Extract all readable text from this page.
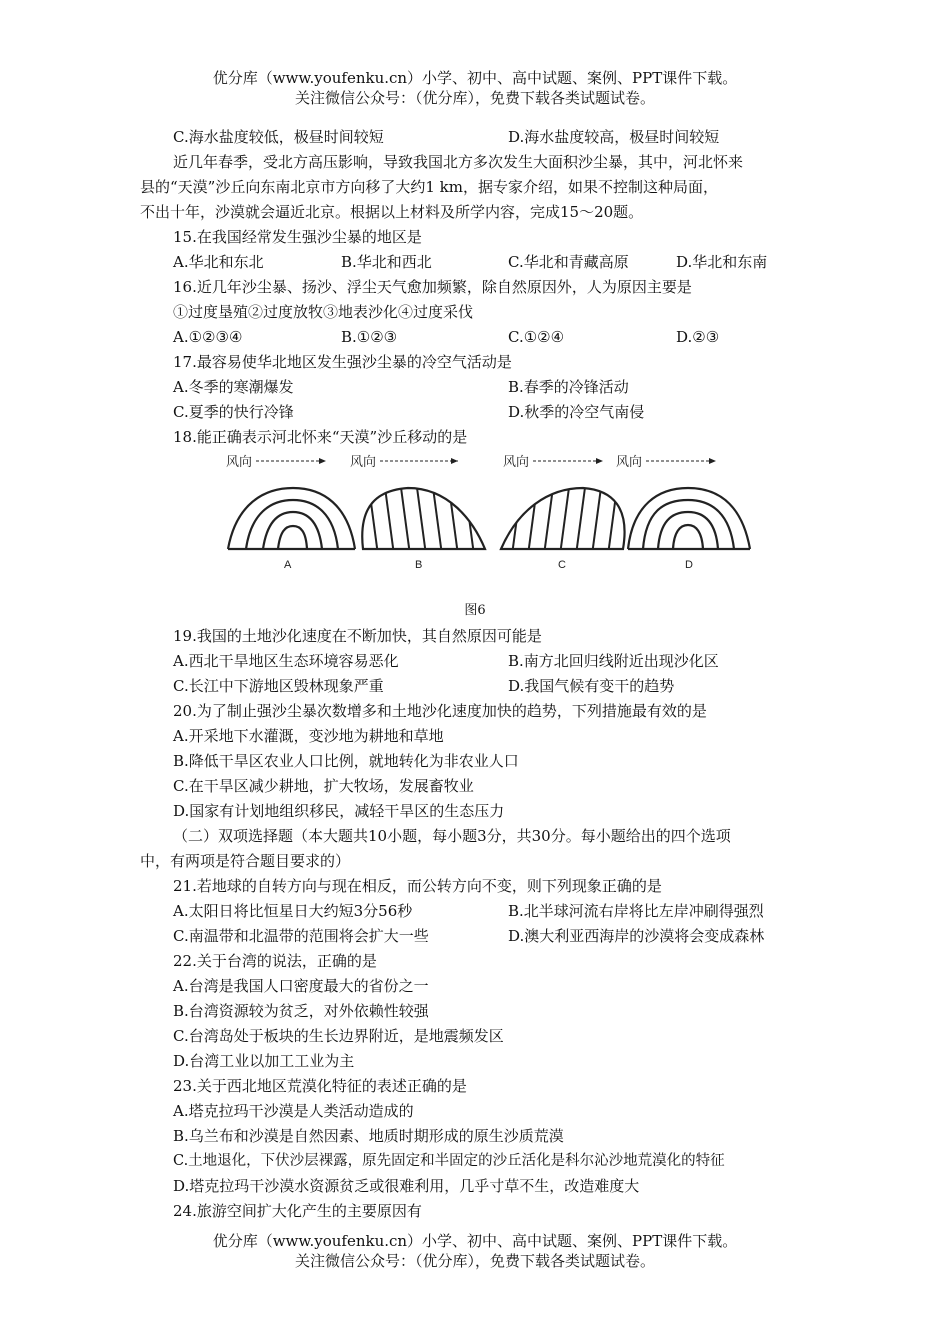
优分库（www.youfenku.cn）小学、初中、高中试题、案例、PPT课件下载。
关注微信公众号：（优分库），免费下载各类试题试卷。
C.海水盐度较低，极昼时间较短	D.海水盐度较高，极昼时间较短
近几年春季，受北方高压影响，导致我国北方多次发生大面积沙尘暴，其中，河北怀来
县的“天漠”沙丘向东南北京市方向移了大约1 km，据专家介绍，如果不控制这种局面，
不出十年，沙漠就会逼近北京。根据以上材料及所学内容，完成15～20题。
15.在我国经常发生强沙尘暴的地区是
A.华北和东北	B.华北和西北	C.华北和青藏高原	D.华北和东南
16.近几年沙尘暴、扬沙、浮尘天气愈加频繁，除自然原因外，人为原因主要是
①过度垦殖②过度放牧③地表沙化④过度采伐
A.①②③④	B.①②③	C.①②④	D.②③
17.最容易使华北地区发生强沙尘暴的冷空气活动是
A.冬季的寒潮爆发	B.春季的冷锋活动
C.夏季的快行冷锋	D.秋季的冷空气南侵
18.能正确表示河北怀来“天漠”沙丘移动的是
风向	风向	风向	风向
A	B	C	D
图6
19.我国的土地沙化速度在不断加快，其自然原因可能是
A.西北干旱地区生态环境容易恶化	B.南方北回归线附近出现沙化区
C.长江中下游地区毁林现象严重	D.我国气候有变干的趋势
20.为了制止强沙尘暴次数增多和土地沙化速度加快的趋势，下列措施最有效的是
A.开采地下水灌溉，变沙地为耕地和草地
B.降低干旱区农业人口比例，就地转化为非农业人口
C.在干旱区减少耕地，扩大牧场，发展畜牧业
D.国家有计划地组织移民，减轻干旱区的生态压力
（二）双项选择题（本大题共10小题，每小题3分，共30分。每小题给出的四个选项
中，有两项是符合题目要求的）
21.若地球的自转方向与现在相反，而公转方向不变，则下列现象正确的是
A.太阳日将比恒星日大约短3分56秒	B.北半球河流右岸将比左岸冲刷得强烈
C.南温带和北温带的范围将会扩大一些	D.澳大利亚西海岸的沙漠将会变成森林
22.关于台湾的说法，正确的是
A.台湾是我国人口密度最大的省份之一
B.台湾资源较为贫乏，对外依赖性较强
C.台湾岛处于板块的生长边界附近，是地震频发区
D.台湾工业以加工工业为主
23.关于西北地区荒漠化特征的表述正确的是
A.塔克拉玛干沙漠是人类活动造成的
B.乌兰布和沙漠是自然因素、地质时期形成的原生沙质荒漠
C.土地退化，下伏沙层裸露，原先固定和半固定的沙丘活化是科尔沁沙地荒漠化的特征
D.塔克拉玛干沙漠水资源贫乏或很难利用，几乎寸草不生，改造难度大
24.旅游空间扩大化产生的主要原因有
优分库（www.youfenku.cn）小学、初中、高中试题、案例、PPT课件下载。
关注微信公众号：（优分库），免费下载各类试题试卷。
